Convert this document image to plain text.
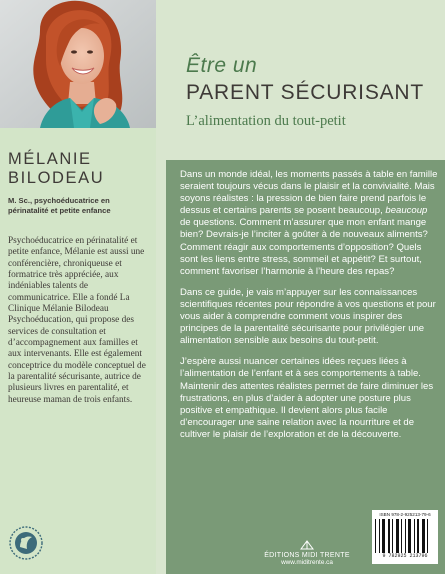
MÉLANIE
BILODEAU
M. Sc., psychoéducatrice en périnatalité et petite enfance

Psychoéducatrice en périnatalité et petite enfance, Mélanie est aussi une conférencière, chroniqueuse et formatrice très appréciée, aux indéniables talents de communicatrice. Elle a fondé La Clinique Mélanie Bilodeau Psychoéducation, qui propose des services de consultation et d’accompagnement aux familles et aux intervenants. Elle est également conceptrice du modèle conceptuel de la parentalité sécurisante, autrice de plusieurs livres en parentalité, et heureuse maman de trois enfants.

Être un
PARENT SÉCURISANT
L’alimentation du tout-petit

Dans un monde idéal, les moments passés à table en famille seraient toujours vécus dans le plaisir et la convivialité. Mais soyons réalistes : la pression de bien faire prend parfois le dessus et certains parents se posent beaucoup, beaucoup de questions. Comment m’assurer que mon enfant mange bien? Devrais-je l’inciter à goûter à de nouveaux aliments? Comment réagir aux comportements d’opposition? Quels sont les liens entre stress, sommeil et appétit? Et surtout, comment favoriser l’harmonie à l’heure des repas?

Dans ce guide, je vais m’appuyer sur les connaissances scientifiques récentes pour répondre à vos questions et pour vous aider à comprendre comment vous inspirer des principes de la parentalité sécurisante pour privilégier une alimentation sensible aux besoins du tout-petit.

J’espère aussi nuancer certaines idées reçues liées à l’alimentation de l’enfant et à ses comportements à table. Maintenir des attentes réalistes permet de faire diminuer les frustrations, en plus d’aider à adopter une posture plus positive et empathique. Il devient alors plus facile d’encourager une saine relation avec la nourriture et de cultiver le plaisir de l’exploration et de la découverte.

ÉDITIONS MIDI TRENTE
www.miditrente.ca
ISBN 978-2-925213-79-6
9 782925 213796
